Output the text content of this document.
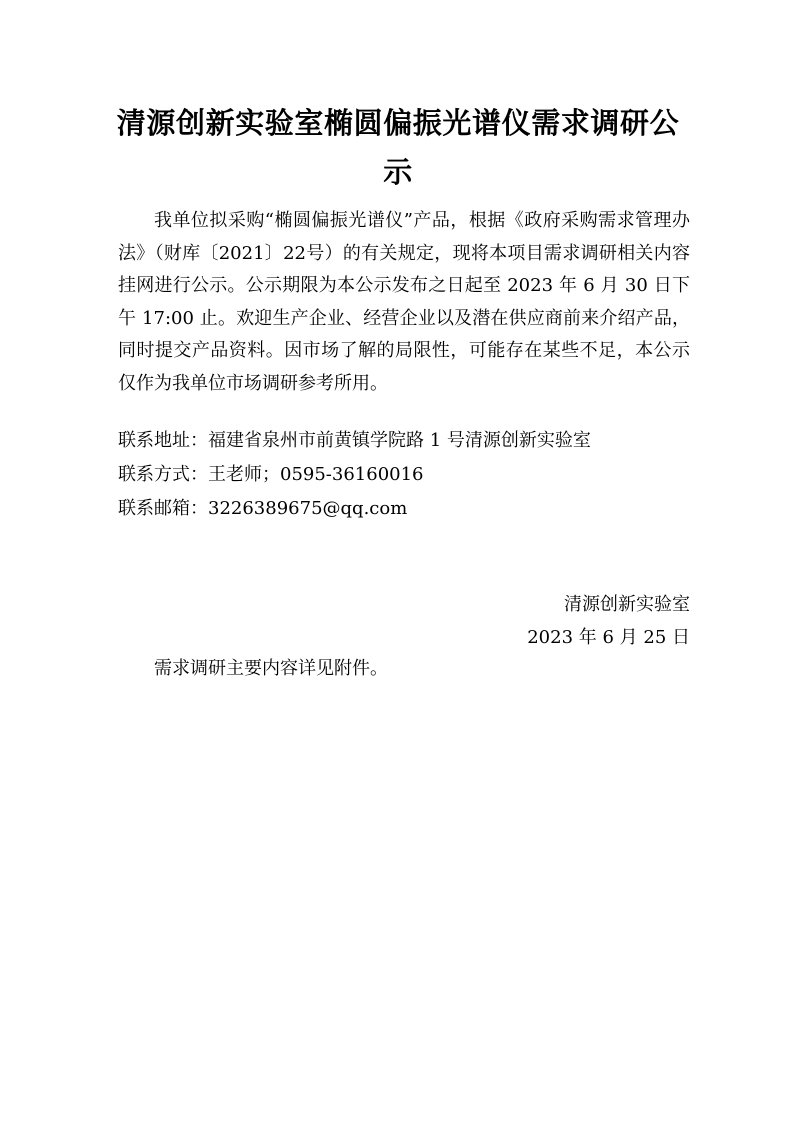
清源创新实验室椭圆偏振光谱仪需求调研公示

我单位拟采购“椭圆偏振光谱仪”产品，根据《政府采购需求管理办法》（财库〔2021〕22号）的有关规定，现将本项目需求调研相关内容挂网进行公示。公示期限为本公示发布之日起至 2023 年 6 月 30 日下午 17:00 止。欢迎生产企业、经营企业以及潜在供应商前来介绍产品，同时提交产品资料。因市场了解的局限性，可能存在某些不足，本公示仅作为我单位市场调研参考所用。

联系地址：福建省泉州市前黄镇学院路 1 号清源创新实验室

联系方式：王老师；0595-36160016

联系邮箱：3226389675@qq.com

清源创新实验室

2023 年 6 月 25 日

需求调研主要内容详见附件。
